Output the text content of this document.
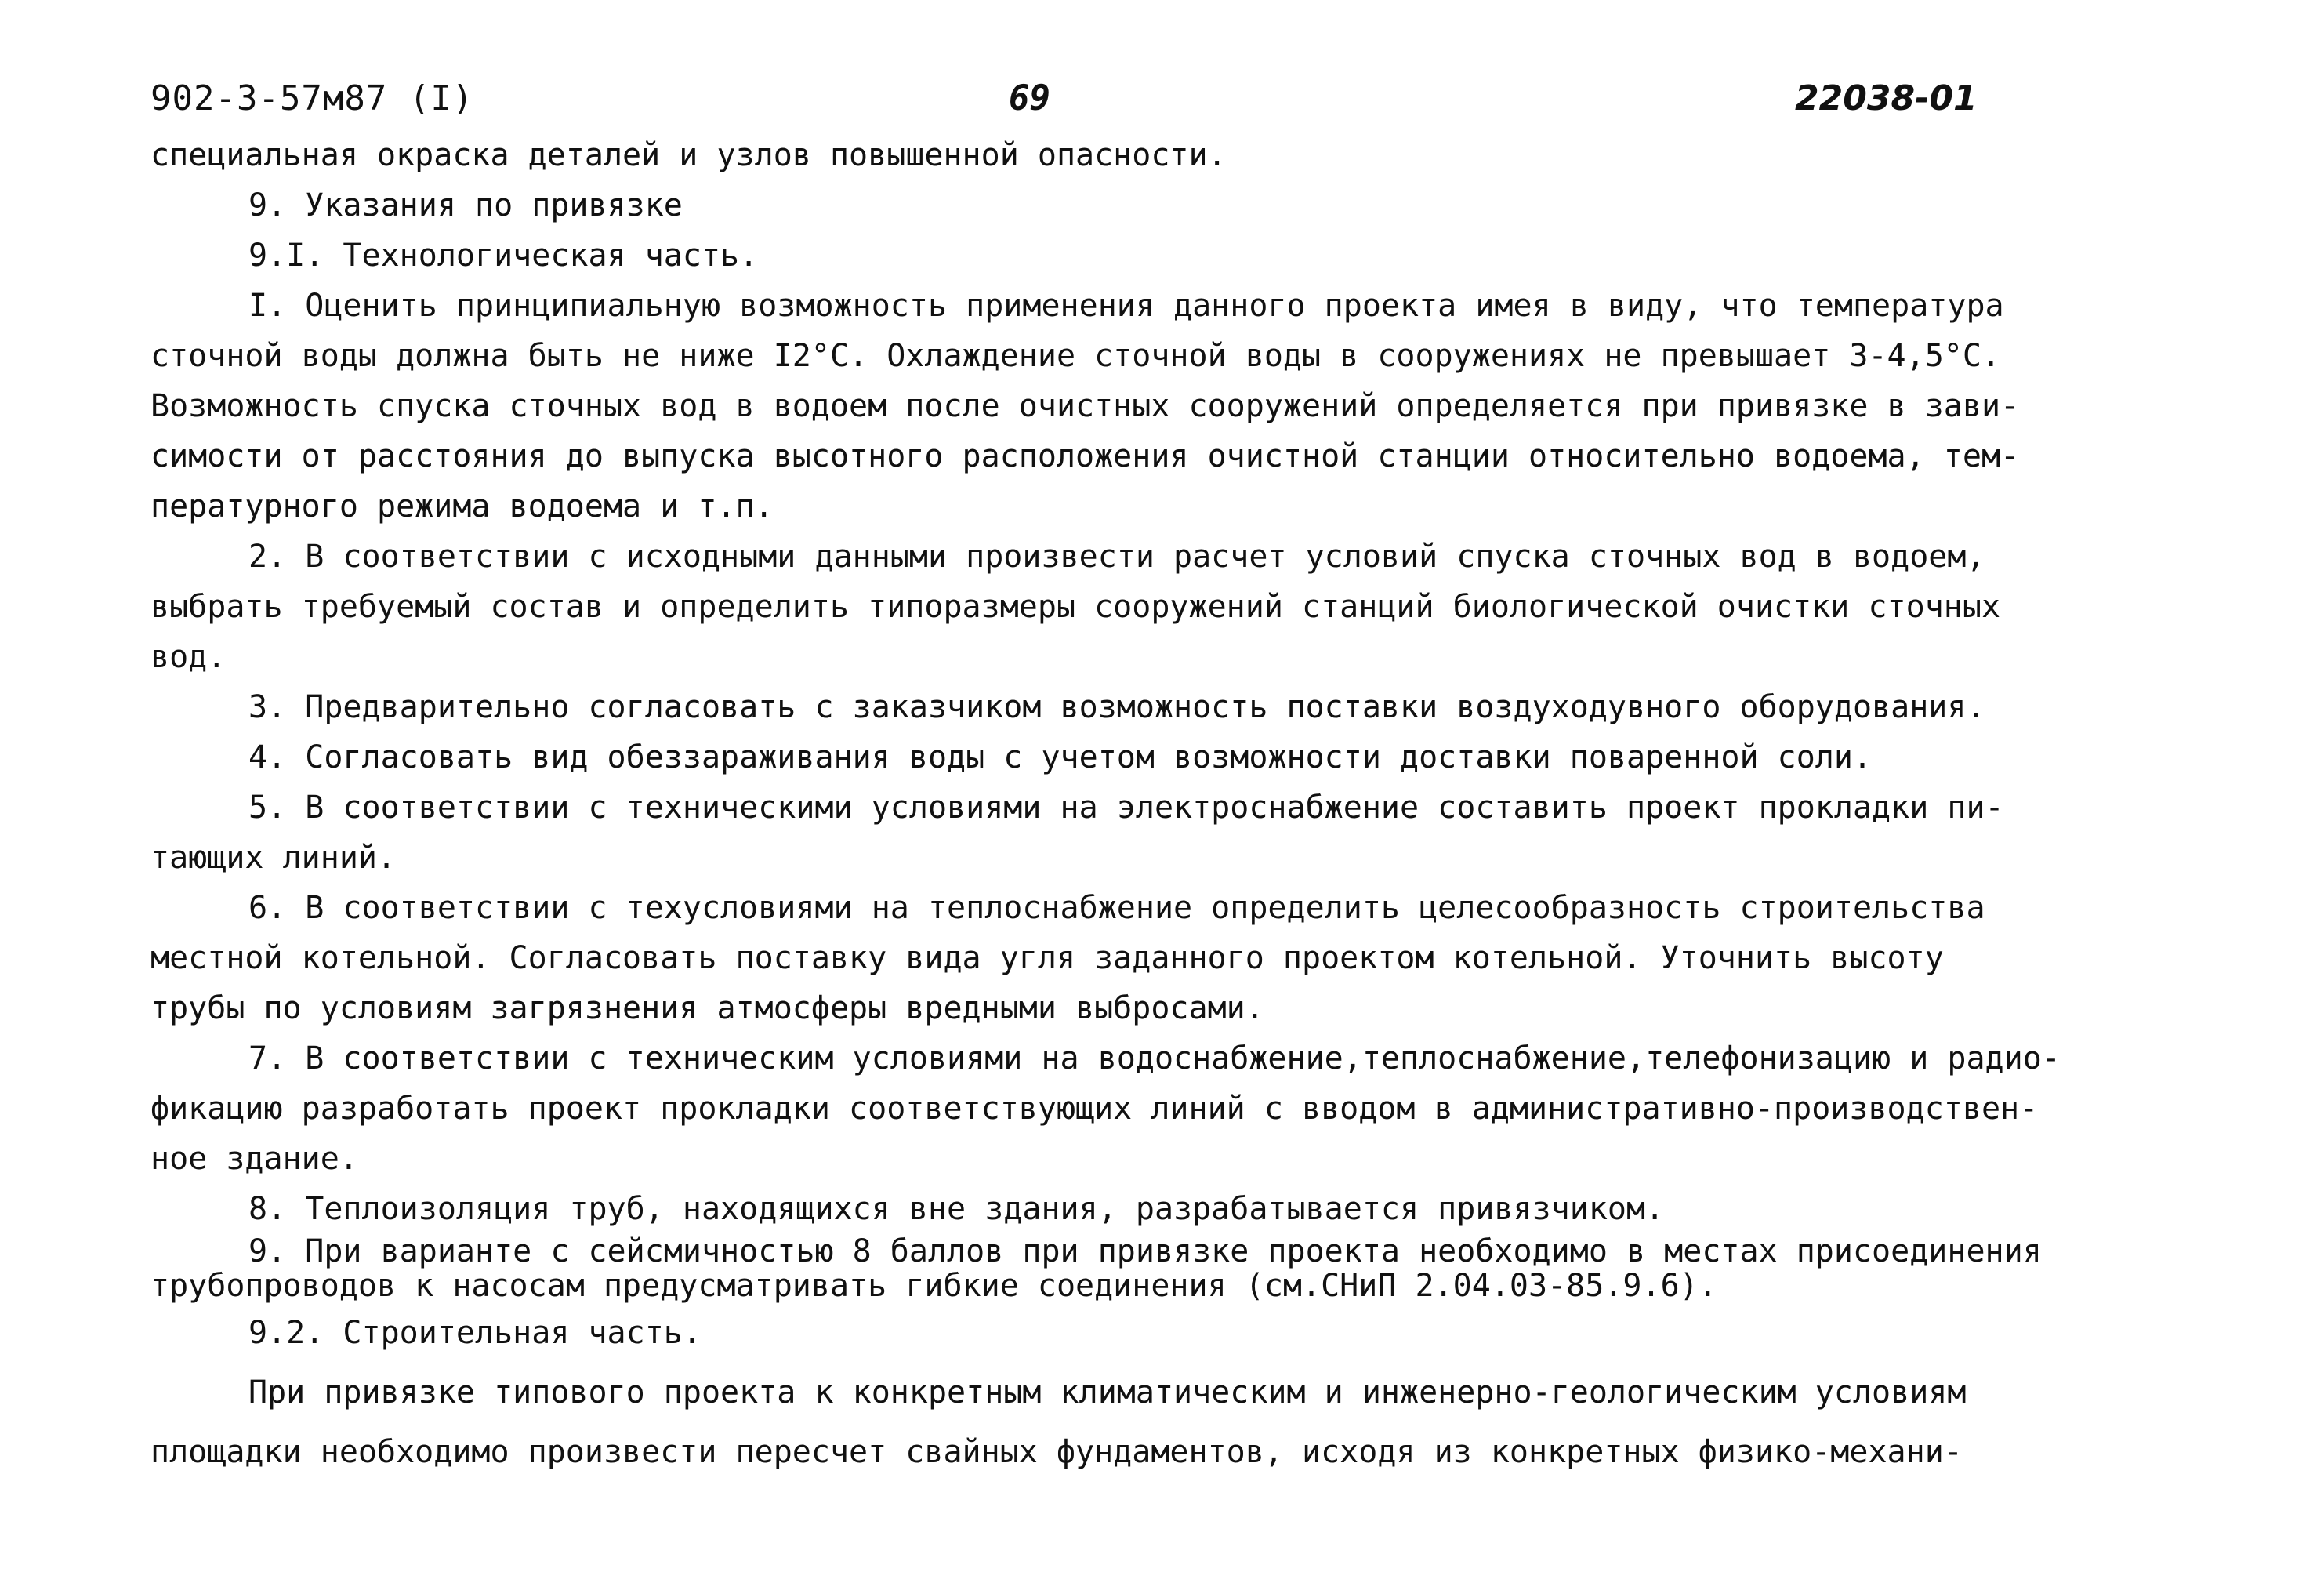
902-3-57м87 (I)	69	22038-01
специальная окраска деталей и узлов повышенной опасности.
9. Указания по привязке
9.I. Технологическая часть.
I. Оценить принципиальную возможность применения данного проекта имея в виду, что температура
сточной воды должна быть не ниже I2°С. Охлаждение сточной воды в сооружениях не превышает 3-4,5°С.
Возможность спуска сточных вод в водоем после очистных сооружений определяется при привязке в зави-
симости от расстояния до выпуска высотного расположения очистной станции относительно водоема, тем-
пературного режима водоема и т.п.
2. В соответствии с исходными данными произвести расчет условий спуска сточных вод в водоем,
выбрать требуемый состав и определить типоразмеры сооружений станций биологической очистки сточных
вод.
3. Предварительно согласовать с заказчиком возможность поставки воздуходувного оборудования.
4. Согласовать вид обеззараживания воды с учетом возможности доставки поваренной соли.
5. В соответствии с техническими условиями на электроснабжение составить проект прокладки пи-
тающих линий.
6. В соответствии с техусловиями на теплоснабжение определить целесообразность строительства
местной котельной. Согласовать поставку вида угля заданного проектом котельной. Уточнить высоту
трубы по условиям загрязнения атмосферы вредными выбросами.
7. В соответствии с техническим условиями на водоснабжение,теплоснабжение,телефонизацию и радио-
фикацию разработать проект прокладки соответствующих линий с вводом в административно-производствен-
ное здание.
8. Теплоизоляция труб, находящихся вне здания, разрабатывается привязчиком.
9. При варианте с сейсмичностью 8 баллов при привязке проекта необходимо в местах присоединения
трубопроводов к насосам предусматривать гибкие соединения (см.СНиП 2.04.03-85.9.6).
9.2. Строительная часть.
При привязке типового проекта к конкретным климатическим и инженерно-геологическим условиям
площадки необходимо произвести пересчет свайных фундаментов, исходя из конкретных физико-механи-
